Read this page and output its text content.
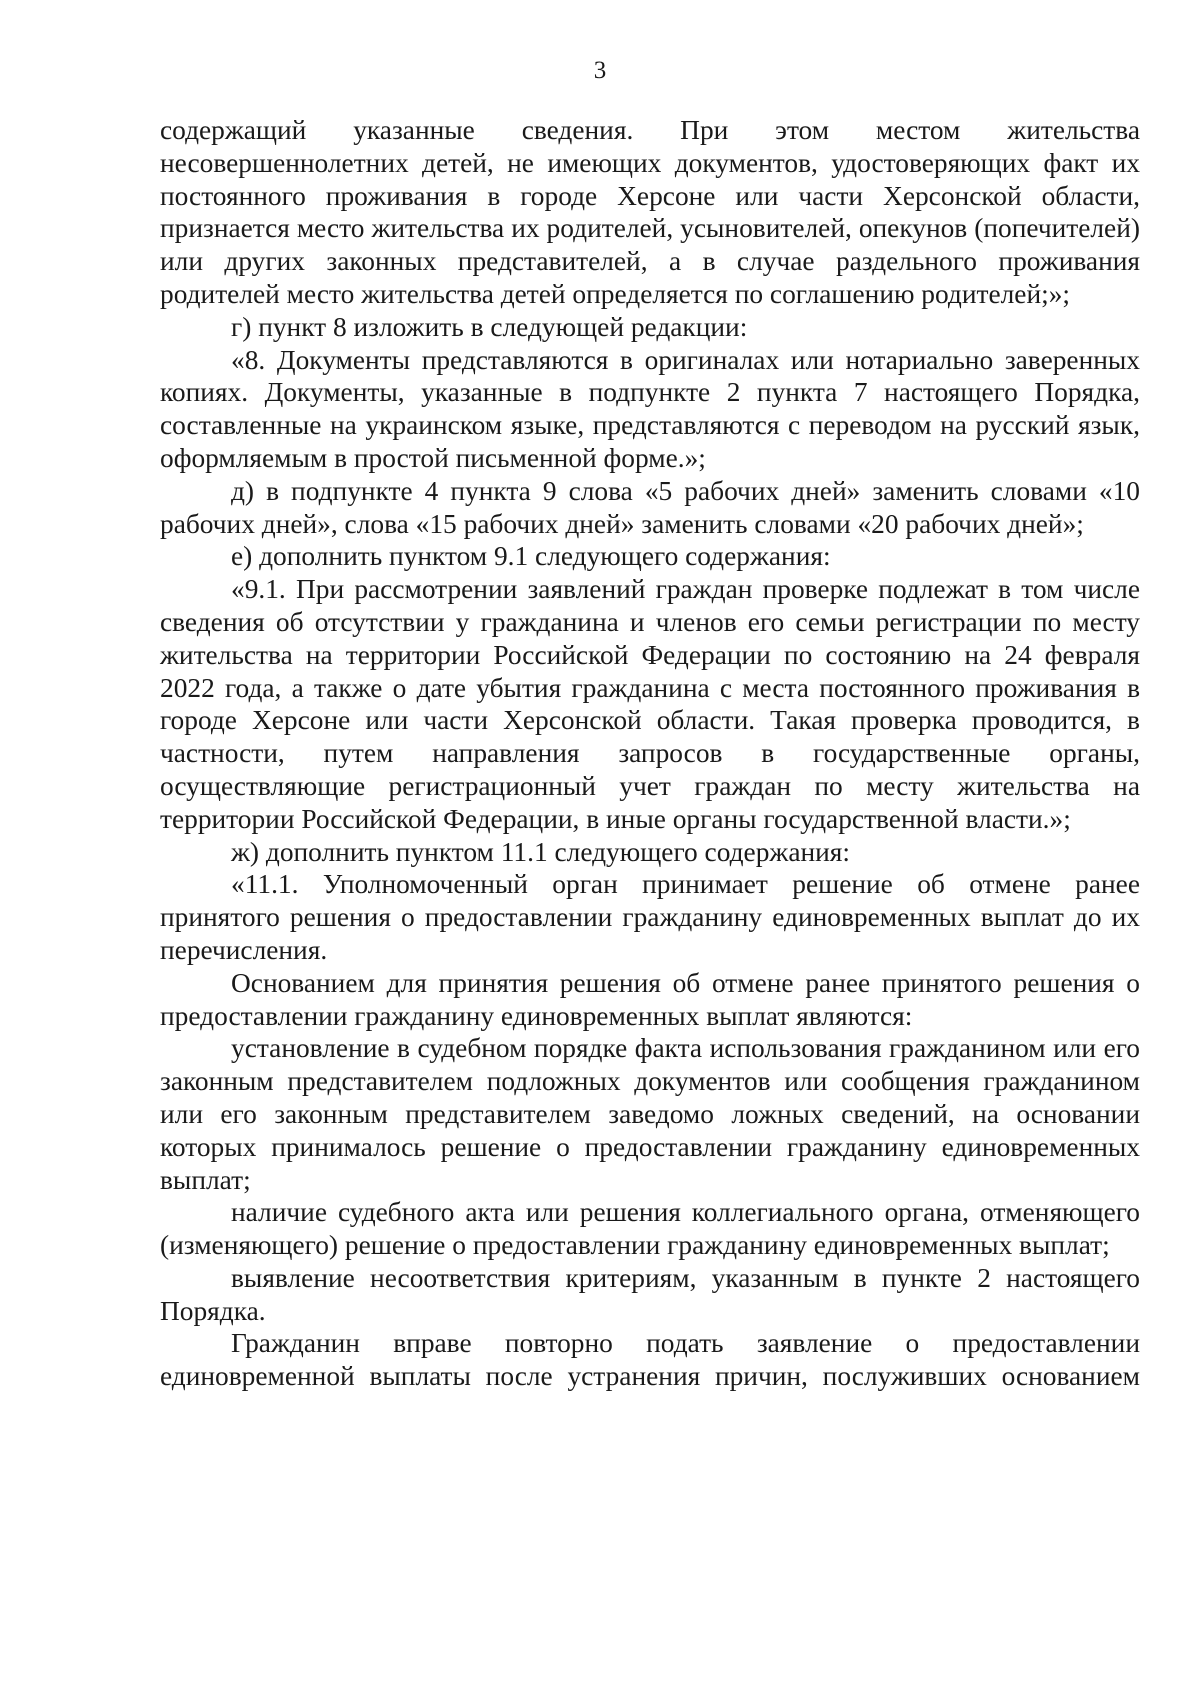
3

содержащий указанные сведения. При этом местом жительства несовершеннолетних детей, не имеющих документов, удостоверяющих факт их постоянного проживания в городе Херсоне или части Херсонской области, признается место жительства их родителей, усыновителей, опекунов (попечителей) или других законных представителей, а в случае раздельного проживания родителей место жительства детей определяется по соглашению родителей;»;

г) пункт 8 изложить в следующей редакции:

«8. Документы представляются в оригиналах или нотариально заверенных копиях. Документы, указанные в подпункте 2 пункта 7 настоящего Порядка, составленные на украинском языке, представляются с переводом на русский язык, оформляемым в простой письменной форме.»;

д) в подпункте 4 пункта 9 слова «5 рабочих дней» заменить словами «10 рабочих дней», слова «15 рабочих дней» заменить словами «20 рабочих дней»;

е) дополнить пунктом 9.1 следующего содержания:

«9.1. При рассмотрении заявлений граждан проверке подлежат в том числе сведения об отсутствии у гражданина и членов его семьи регистрации по месту жительства на территории Российской Федерации по состоянию на 24 февраля 2022 года, а также о дате убытия гражданина с места постоянного проживания в городе Херсоне или части Херсонской области. Такая проверка проводится, в частности, путем направления запросов в государственные органы, осуществляющие регистрационный учет граждан по месту жительства на территории Российской Федерации, в иные органы государственной власти.»;

ж) дополнить пунктом 11.1 следующего содержания:

«11.1. Уполномоченный орган принимает решение об отмене ранее принятого решения о предоставлении гражданину единовременных выплат до их перечисления.

Основанием для принятия решения об отмене ранее принятого решения о предоставлении гражданину единовременных выплат являются:

установление в судебном порядке факта использования гражданином или его законным представителем подложных документов или сообщения гражданином или его законным представителем заведомо ложных сведений, на основании которых принималось решение о предоставлении гражданину единовременных выплат;

наличие судебного акта или решения коллегиального органа, отменяющего (изменяющего) решение о предоставлении гражданину единовременных выплат;

выявление несоответствия критериям, указанным в пункте 2 настоящего Порядка.

Гражданин вправе повторно подать заявление о предоставлении единовременной выплаты после устранения причин, послуживших основанием
